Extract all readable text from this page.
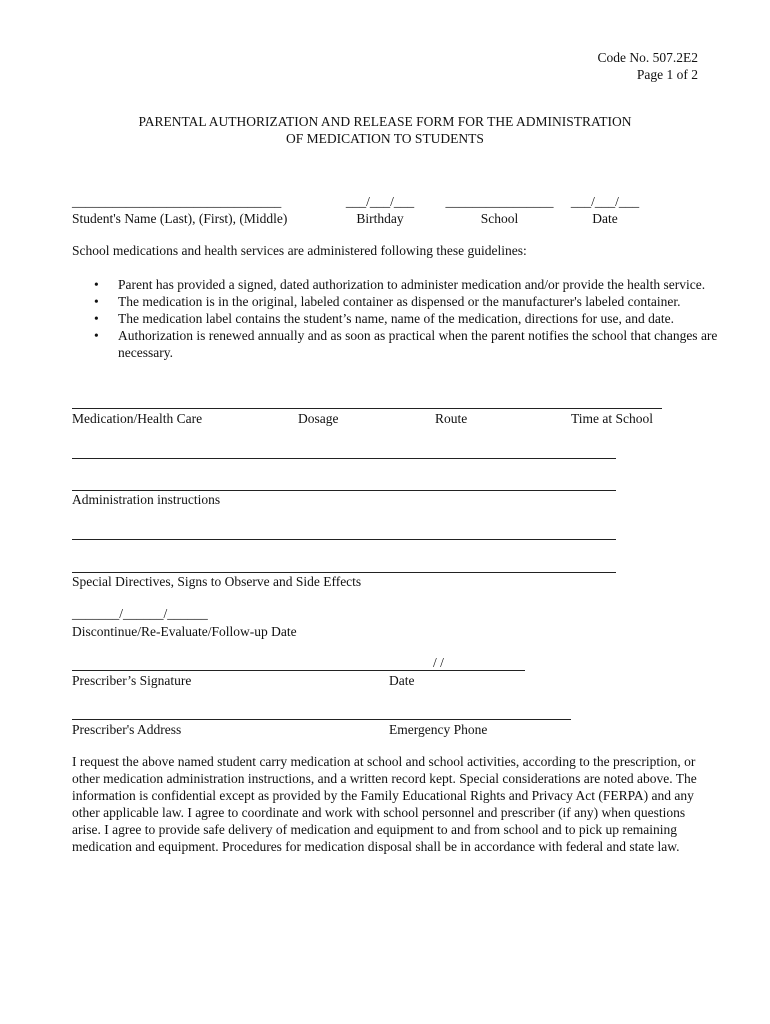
Code No. 507.2E2
Page 1 of 2
PARENTAL AUTHORIZATION AND RELEASE FORM FOR THE ADMINISTRATION
OF MEDICATION TO STUDENTS
_______________________________
Student's Name (Last), (First), (Middle)
___/___/___
Birthday
________________
School
___/___/___
Date
School medications and health services are administered following these guidelines:
• Parent has provided a signed, dated authorization to administer medication and/or provide the health service.
• The medication is in the original, labeled container as dispensed or the manufacturer's labeled container.
• The medication label contains the student’s name, name of the medication, directions for use, and date.
• Authorization is renewed annually and as soon as practical when the parent notifies the school that changes are necessary.
Medication/Health Care	Dosage	Route	Time at School
Administration instructions
Special Directives, Signs to Observe and Side Effects
_______/______/______
Discontinue/Re-Evaluate/Follow-up Date
/ /
Prescriber’s Signature	Date
Prescriber's Address	Emergency Phone
I request the above named student carry medication at school and school activities, according to the prescription, or other medication administration instructions, and a written record kept. Special considerations are noted above. The information is confidential except as provided by the Family Educational Rights and Privacy Act (FERPA) and any other applicable law. I agree to coordinate and work with school personnel and prescriber (if any) when questions arise. I agree to provide safe delivery of medication and equipment to and from school and to pick up remaining medication and equipment. Procedures for medication disposal shall be in accordance with federal and state law.
